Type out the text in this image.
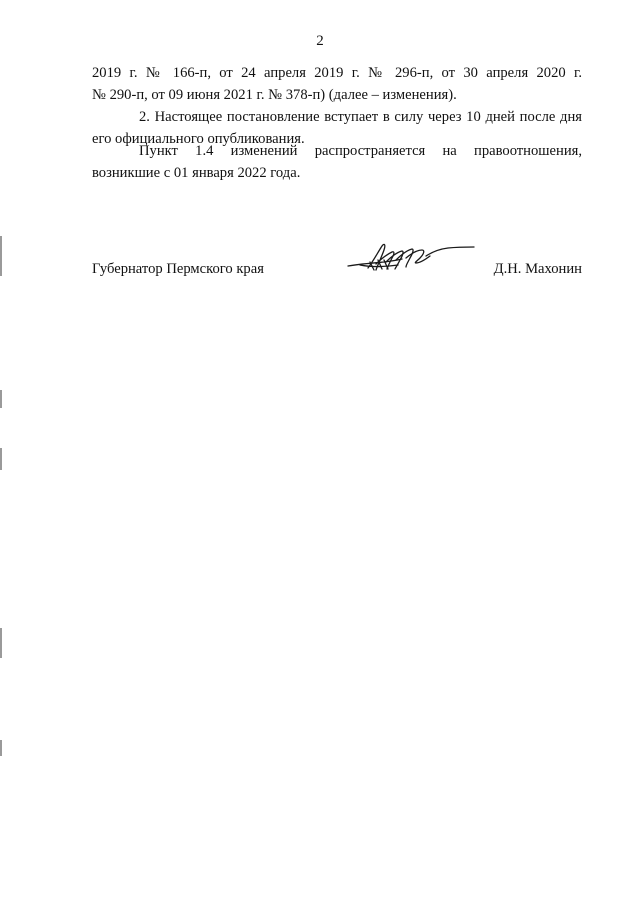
2
2019 г. № 166-п, от 24 апреля 2019 г. № 296-п, от 30 апреля 2020 г.
№ 290-п, от 09 июня 2021 г. № 378-п) (далее – изменения).
2. Настоящее постановление вступает в силу через 10 дней после дня
его официального опубликования.
Пункт 1.4 изменений распространяется на правоотношения,
возникшие с 01 января 2022 года.
Губернатор Пермского края	Д.Н. Махонин
